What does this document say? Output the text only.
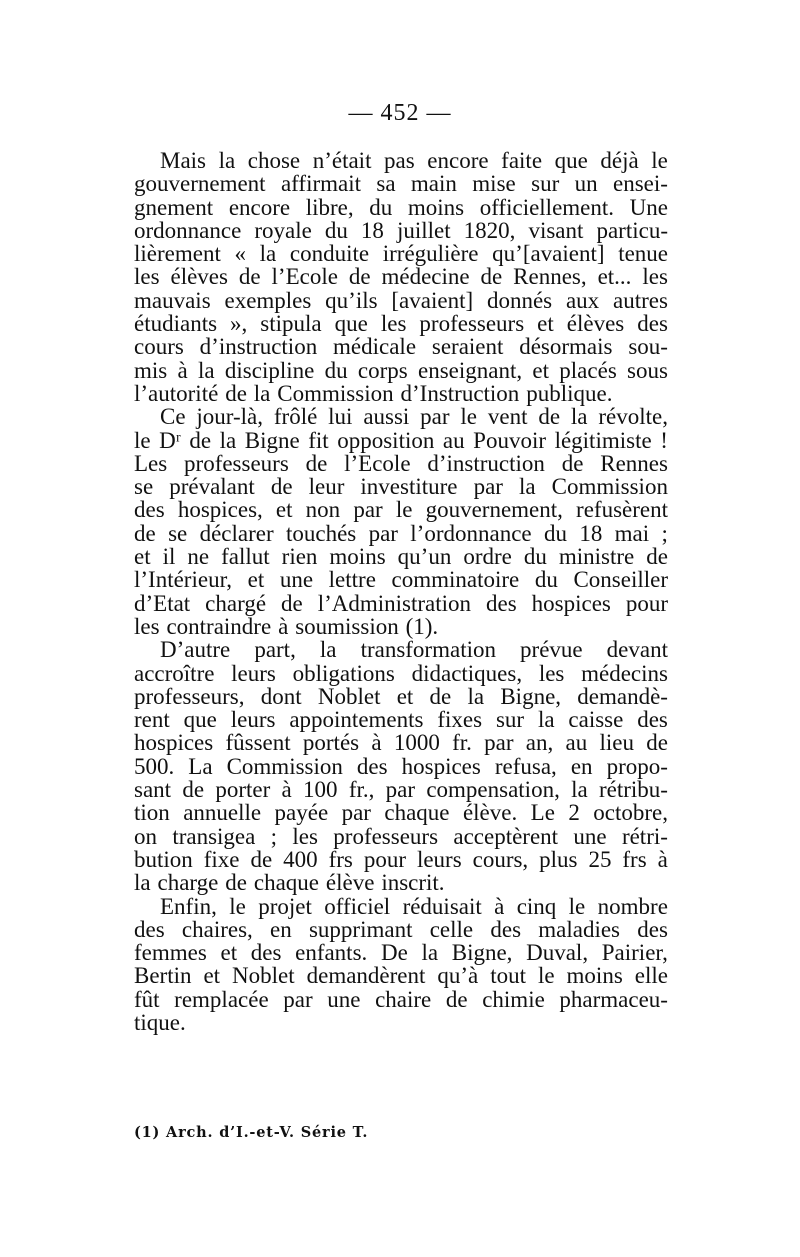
— 452 —
Mais la chose n’était pas encore faite que déjà le
gouvernement affirmait sa main mise sur un ensei-
gnement encore libre, du moins officiellement. Une
ordonnance royale du 18 juillet 1820, visant particu-
lièrement « la conduite irrégulière qu’[avaient] tenue
les élèves de l’Ecole de médecine de Rennes, et... les
mauvais exemples qu’ils [avaient] donnés aux autres
étudiants », stipula que les professeurs et élèves des
cours d’instruction médicale seraient désormais sou-
mis à la discipline du corps enseignant, et placés sous
l’autorité de la Commission d’Instruction publique.
Ce jour-là, frôlé lui aussi par le vent de la révolte,
le Dʳ de la Bigne fit opposition au Pouvoir légitimiste !
Les professeurs de l’Ecole d’instruction de Rennes
se prévalant de leur investiture par la Commission
des hospices, et non par le gouvernement, refusèrent
de se déclarer touchés par l’ordonnance du 18 mai ;
et il ne fallut rien moins qu’un ordre du ministre de
l’Intérieur, et une lettre comminatoire du Conseiller
d’Etat chargé de l’Administration des hospices pour
les contraindre à soumission (1).
D’autre part, la transformation prévue devant
accroître leurs obligations didactiques, les médecins
professeurs, dont Noblet et de la Bigne, demandè-
rent que leurs appointements fixes sur la caisse des
hospices fûssent portés à 1000 fr. par an, au lieu de
500. La Commission des hospices refusa, en propo-
sant de porter à 100 fr., par compensation, la rétribu-
tion annuelle payée par chaque élève. Le 2 octobre,
on transigea ; les professeurs acceptèrent une rétri-
bution fixe de 400 frs pour leurs cours, plus 25 frs à
la charge de chaque élève inscrit.
Enfin, le projet officiel réduisait à cinq le nombre
des chaires, en supprimant celle des maladies des
femmes et des enfants. De la Bigne, Duval, Pairier,
Bertin et Noblet demandèrent qu’à tout le moins elle
fût remplacée par une chaire de chimie pharmaceu-
tique.
(1) Arch. d’I.-et-V. Série T.
